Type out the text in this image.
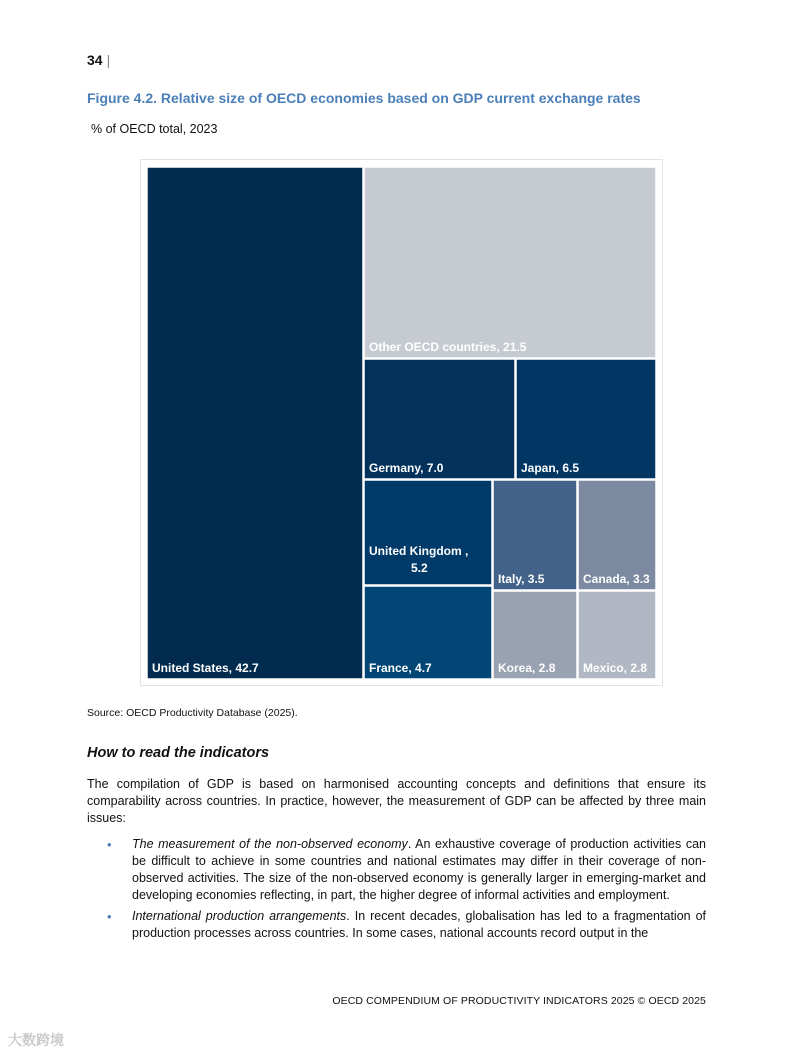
34 |
Figure 4.2. Relative size of OECD economies based on GDP current exchange rates
% of OECD total, 2023
United States, 42.7
Other OECD countries, 21.5
Germany, 7.0	Japan, 6.5
United Kingdom , 5.2
France, 4.7
Italy, 3.5	Canada, 3.3
Korea, 2.8 Mexico, 2.8
Source: OECD Productivity Database (2025).
How to read the indicators

The compilation of GDP is based on harmonised accounting concepts and definitions that ensure its comparability across countries. In practice, however, the measurement of GDP can be affected by three main issues:

• The measurement of the non-observed economy. An exhaustive coverage of production activities can be difficult to achieve in some countries and national estimates may differ in their coverage of non-observed activities. The size of the non-observed economy is generally larger in emerging-market and developing economies reflecting, in part, the higher degree of informal activities and employment.
• International production arrangements. In recent decades, globalisation has led to a fragmentation of production processes across countries. In some cases, national accounts record output in the
OECD COMPENDIUM OF PRODUCTIVITY INDICATORS 2025 © OECD 2025
大数跨境
